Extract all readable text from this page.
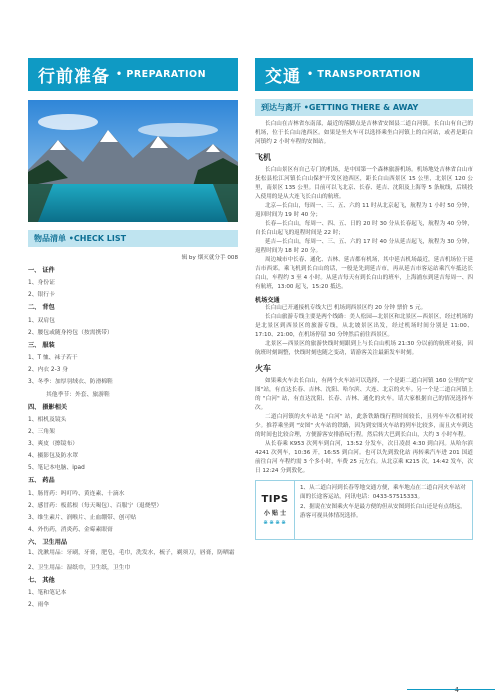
行前准备 • PREPARATION
物品清单 •CHECK LIST
辑 by 烟灭就分手 008
一、 证件
1、身份证
2、银行卡
二、 背包
1、双肩包
2、腰包或随身挎包（按需携带）
三、 服装
1、T 恤、袜子若干
2、内衣 2-3 身
3、冬季：加厚羽绒衣、防滑棉鞋
其他季节：外套、旅游鞋
四、 摄影相关
1、相机及镜头
2、三角架
3、爽皮（擦镜布）
4、摄影包及防水罩
5、笔记本电脑、ipad
五、 药品
1、肠胃药：吗叮吟、黄连素、十滴水
2、感冒药：板蓝根（每天喝包）、百服宁（退烧型）
3、维生素片、润喉片、止血绷带、创可贴
4、外伤药，消炎药、金霉素眼膏
六、 卫生用品
1、洗漱用品：牙刷，牙膏，肥皂，毛巾，洗发水，梳子，剃须刀，唇膏，防晒霜
2、卫生用品：湿纸巾，卫生纸，卫生巾
七、 其他
1、笔和笔记本
2、雨伞
交通 • TRANSPORTATION
到达与离开 •GETTING THERE & AWAY

长白山在吉林省东南部，最近的落脚点是吉林省安图县二道白河镇。长白山有自己的机场，位于长白山池西区。如果是坐火车可以选择乘坐白河镇上的白河站，或者是距白河镇约 2 小时车程的安图站。

飞机

长白山景区有自己专门的机场，是中国第一个森林旅游机场。机场地处吉林省白山市抚松县松江河镇长白山保护开发区池西区，距长白山西景区 15 公里，北景区 120 公里，南景区 135 公里。目前可以飞北京、长春、延吉、沈阳及上海等 5 条航线，后续投入使用的是从大连飞长白山的航班。

北京—长白山，每周一、三、五、六的 11 时从北京起飞，航程为 1 小时 50 分钟，返回时间为 19 时 40 分；

长春—长白山，每周一、四、五、日的 20 时 30 分从长春起飞，航程为 40 分钟，自长白山起飞的返程时间是 22 时；

延吉—长白山，每周一、三、五、六的 17 时 40 分从延吉起飞，航程为 30 分钟，返程时间为 18 时 20 分。

周边城市中长春、通化、吉林、延吉都有机场，其中延吉机场最近，延吉机场位于延吉市西郊。乘飞机到长白山的话，一般是先到延吉市，再从延吉市客运站乘汽车抵达长白山，车程约 3 至 4 小时。从延吉每天有到长白山的班车，上海浦东到延吉每周一、四有航班，13:00 起飞，15:20 抵达。

机场交通

长白山已开通接机专线大巴 机场到西景区约 20 分钟 票价 5 元。

长白山旅游专线主要是两个线路：美人松园—北景区和北景区—西景区，经过机场的是北景区到西景区的旅游专线，从北坡景区出发，经过机场时间分别是 11:00、17:10、21:00，在机场停留 30 分钟然后前往西景区。

北景区—西景区的旅游快线时刻跟到上与长白山机场 21:30 分以前的航班对接，因航班时刻调整，快线时刻也随之变动，请游客关注最新发车时刻。

火车

如果乘火车去长白山，有两个火车站可以选择，一个是距二道白河镇 160 公里的"安图"站，有直达长春、吉林、沈阳、哈尔滨、大连、北京的火车。另一个是二道白河镇上的 "白河" 站，有直达沈阳、长春、吉林、通化的火车。请大家根据自己的情况选择车次。

二道白河镇的火车站是 "白河" 站，此条铁路线行程时间较长，且列车车次相对较少。推荐乘坐到 "安图" 火车站的铁路，因为到安图火车站的列车比较多，而且火车到达的时间也比较合理，方便游客安排游玩行程。然后转大巴到长白山，大约 3 小时车程。

从长春乘 K953 次列车到白河，13:52 分发车，次日凌晨 4:30 到白河。从哈尔滨 4241 次列车，10:36 开，16:55 到白河。也可以先到敦化站 再转乘汽车进 201 国道前往白河 车程约需 3 个多小时，车费 25 元左右。从北京乘 K215 次，14:42 发车，次日 12:24 分到敦化。

TIPS
小 贴 士
⋇⋇⋇⋇

1、从二道白河到长春等地交通方便，乘车地点在二道白河火车站对面的长途客运站，问讯电话：0433-57515333。

2、据说在安图乘火车是最方便的但从安图到长白山还是有点绕远，游客可视具体情况选择。

4
